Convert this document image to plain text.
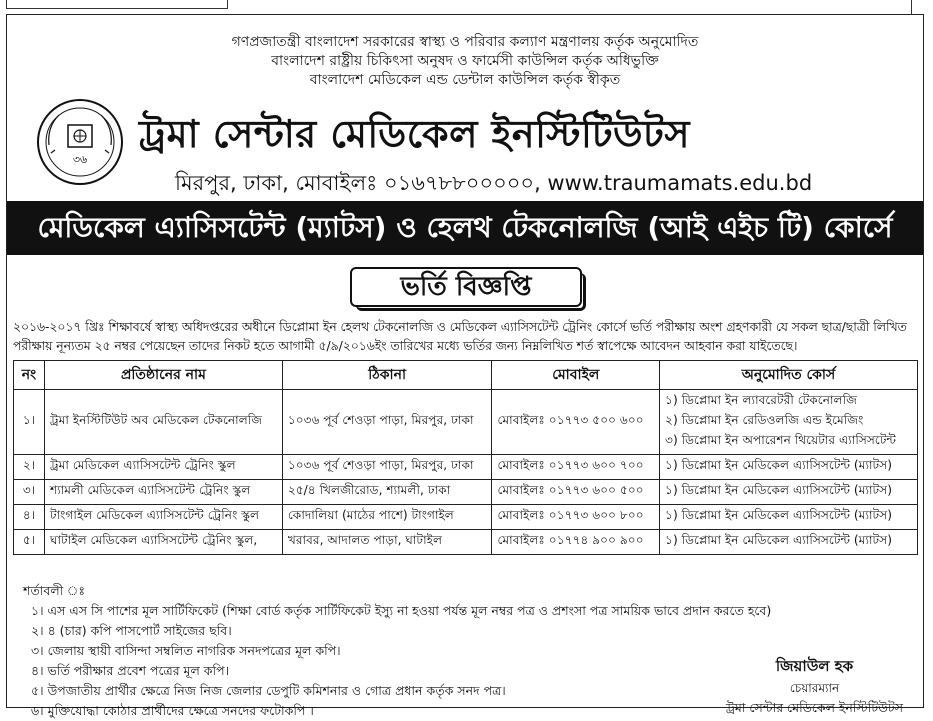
গণপ্রজাতন্ত্রী বাংলাদেশ সরকারের স্বাস্থ্য ও পরিবার কল্যাণ মন্ত্রণালয় কর্তৃক অনুমোদিত
বাংলাদেশ রাষ্ট্রীয় চিকিৎসা অনুষদ ও ফার্মেসী কাউন্সিল কর্তৃক অধিভুক্তি
বাংলাদেশ মেডিকেল এন্ড ডেন্টাল কাউন্সিল কর্তৃক স্বীকৃত
৩৬
ট্রমা সেন্টার মেডিকেল ইনস্টিটিউটস
মিরপুর, ঢাকা, মোবাইলঃ ০১৬৭৮৮০০০০০, www.traumamats.edu.bd
মেডিকেল এ্যাসিসটেন্ট (ম্যাটস) ও হেলথ টেকনোলজি (আই এইচ টি) কোর্সে
ভর্তি বিজ্ঞপ্তি
২০১৬-২০১৭ খ্রিঃ শিক্ষাবর্ষে স্বাস্থ্য অধিদপ্তরের অধীনে ডিপ্লোমা ইন হেলথ টেকনোলজি ও মেডিকেল এ্যাসিসটেন্ট ট্রেনিং কোর্সে ভর্তি পরীক্ষায় অংশ গ্রহণকারী যে সকল ছাত্র/ছাত্রী লিখিত পরীক্ষায় নূন্যতম ২৫ নম্বর পেয়েছেন তাদের নিকট হতে আগামী ৫/৯/২০১৬ইং তারিখের মধ্যে ভর্তির জন্য নিম্নলিখিত শর্ত স্বাপেক্ষে আবেদন আহবান করা যাইতেছে।
নং	প্রতিষ্ঠানের নাম	ঠিকানা	মোবাইল	অনুমোদিত কোর্স
১।	ট্রমা ইনস্টিটিউট অব মেডিকেল টেকনোলজি	১০৩৬ পূর্ব শেওড়া পাড়া, মিরপুর, ঢাকা	মোবাইলঃ ০১৭৭৩ ৫০০ ৬০০	১) ডিপ্লোমা ইন ল্যাবরেটরী টেকনোলজি
২) ডিপ্লোমা ইন রেডিওলজি এন্ড ইমেজিং
৩) ডিপ্লোমা ইন অপারেশন থিয়েটার এ্যাসিসটেন্ট

২।	ট্রমা মেডিকেল এ্যাসিসটেন্ট ট্রেনিং স্কুল	১০৩৬ পূর্ব শেওড়া পাড়া, মিরপুর, ঢাকা	মোবাইলঃ ০১৭৭৩ ৬০০ ৭০০	১) ডিপ্লোমা ইন মেডিকেল এ্যাসিসটেন্ট (ম্যাটস)

৩।	শ্যামলী মেডিকেল এ্যাসিসটেন্ট ট্রেনিং স্কুল	২৫/৪ খিলজীরোড, শ্যামলী, ঢাকা	মোবাইলঃ ০১৭৭৩ ৬০০ ৫০০	১) ডিপ্লোমা ইন মেডিকেল এ্যাসিসটেন্ট (ম্যাটস)

৪।	টাংগাইল মেডিকেল এ্যাসিসটেন্ট ট্রেনিং স্কুল	কোদালিয়া (মাঠের পাশে) টাংগাইল	মোবাইলঃ ০১৭৭৩ ৬০০ ৮০০	১) ডিপ্লোমা ইন মেডিকেল এ্যাসিসটেন্ট (ম্যাটস)

৫।	ঘাটাইল মেডিকেল এ্যাসিসটেন্ট ট্রেনিং স্কুল,	খরাবর, আদালত পাড়া, ঘাটাইল	মোবাইলঃ ০১৭৭৪ ৯০০ ৯০০	১) ডিপ্লোমা ইন মেডিকেল এ্যাসিসটেন্ট (ম্যাটস)
শর্তাবলী ঃ
১। এস এস সি পাশের মূল সার্টিফিকেট (শিক্ষা বোর্ড কর্তৃক সার্টিফিকেট ইস্যু না হওয়া পর্যন্ত মূল নম্বর পত্র ও প্রশংসা পত্র সাময়িক ভাবে প্রদান করতে হবে)
২। ৪ (চার) কপি পাসপোর্ট সাইজের ছবি।
৩। জেলায় স্থায়ী বাসিন্দা সম্বলিত নাগরিক সনদপত্রের মূল কপি।
৪। ভর্তি পরীক্ষার প্রবেশ পত্রের মূল কপি।
৫। উপজাতীয় প্রার্থীর ক্ষেত্রে নিজ নিজ জেলার ডেপুটি কমিশনার ও গোত্র প্রধান কর্তৃক সনদ পত্র।
৬। মুক্তিযোদ্ধা কোঠার প্রার্থীদের ক্ষেত্রে সনদের ফটোকপি ।
জিয়াউল হক
চেয়ারম্যান
ট্রমা সেন্টার মেডিকেল ইনস্টিটিউটস
